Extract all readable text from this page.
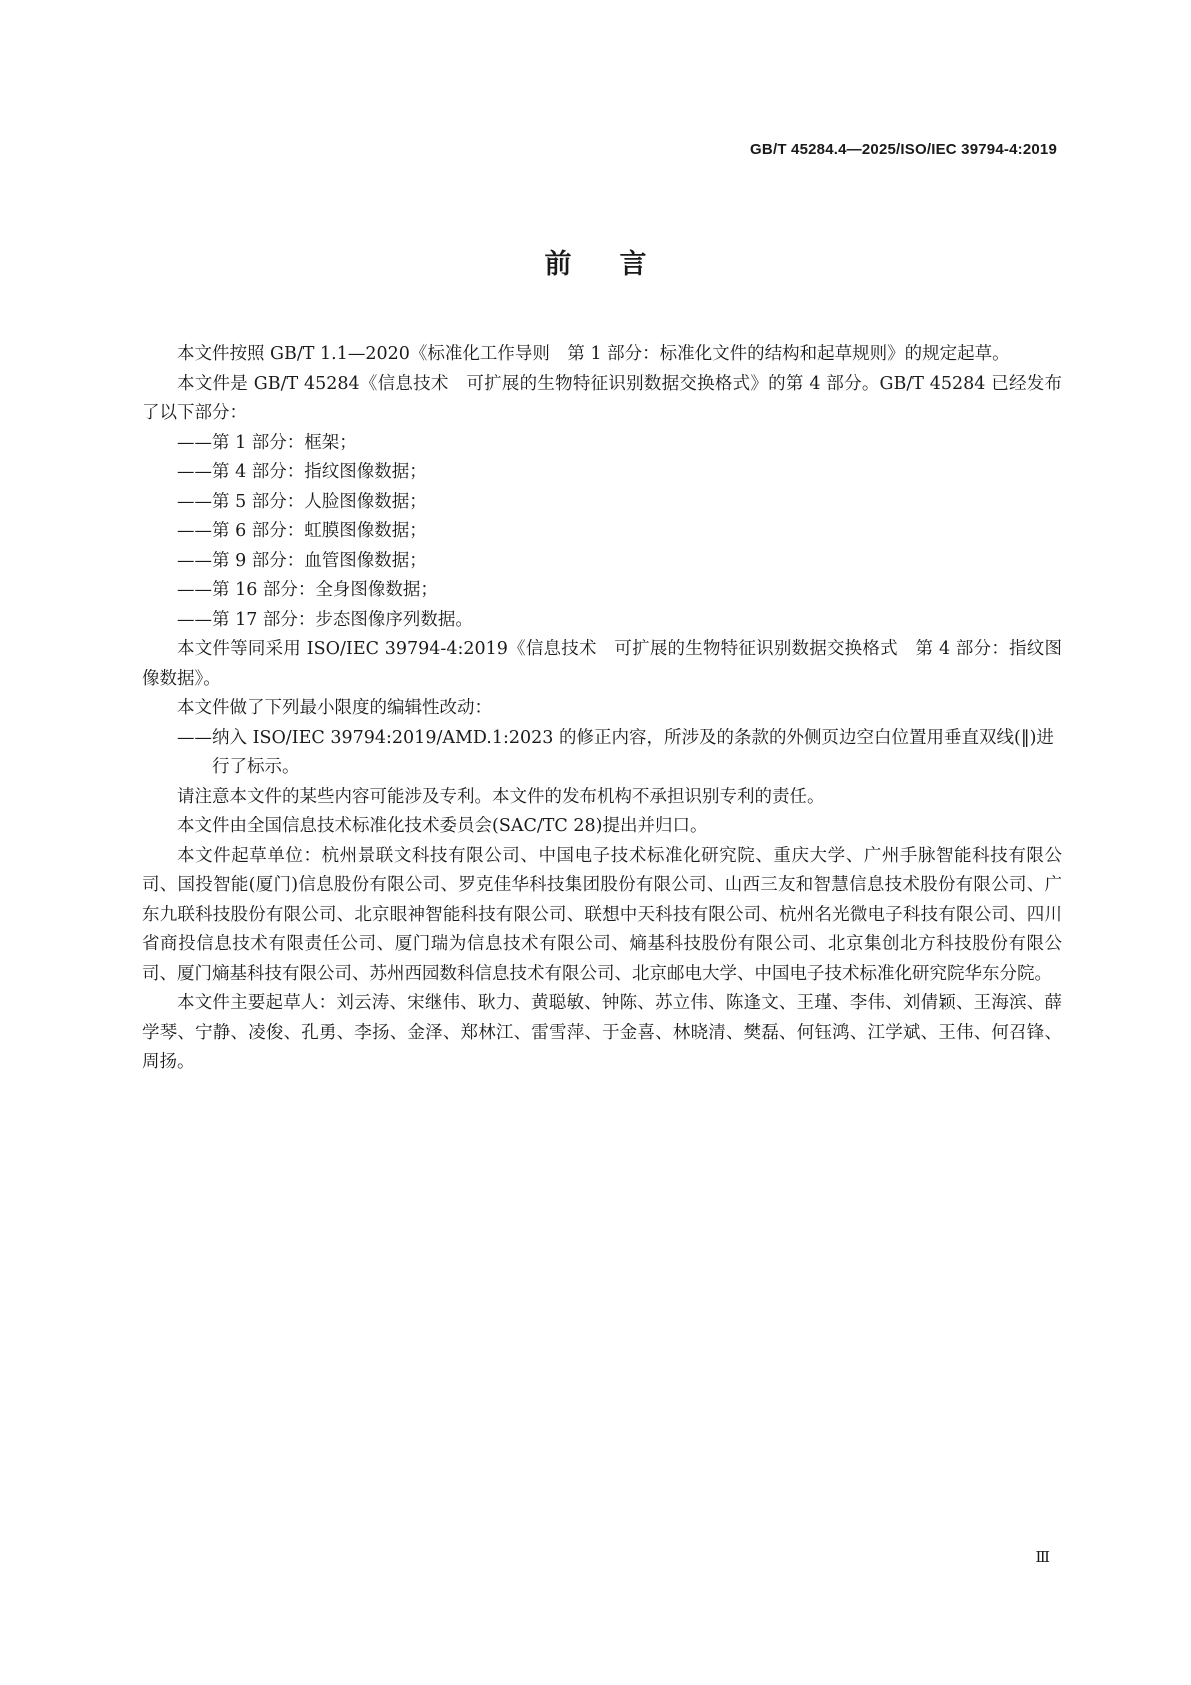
GB/T 45284.4—2025/ISO/IEC 39794-4:2019
前言

本文件按照 GB/T 1.1—2020《标准化工作导则　第 1 部分：标准化文件的结构和起草规则》的规定起草。

本文件是 GB/T 45284《信息技术　可扩展的生物特征识别数据交换格式》的第 4 部分。GB/T 45284 已经发布了以下部分：

——第 1 部分：框架；

——第 4 部分：指纹图像数据；

——第 5 部分：人脸图像数据；

——第 6 部分：虹膜图像数据；

——第 9 部分：血管图像数据；

——第 16 部分：全身图像数据；

——第 17 部分：步态图像序列数据。

本文件等同采用 ISO/IEC 39794-4:2019《信息技术　可扩展的生物特征识别数据交换格式　第 4 部分：指纹图像数据》。

本文件做了下列最小限度的编辑性改动：

——纳入 ISO/IEC 39794:2019/AMD.1:2023 的修正内容，所涉及的条款的外侧页边空白位置用垂直双线(‖)进行了标示。

请注意本文件的某些内容可能涉及专利。本文件的发布机构不承担识别专利的责任。

本文件由全国信息技术标准化技术委员会(SAC/TC 28)提出并归口。

本文件起草单位：杭州景联文科技有限公司、中国电子技术标准化研究院、重庆大学、广州手脉智能科技有限公司、国投智能(厦门)信息股份有限公司、罗克佳华科技集团股份有限公司、山西三友和智慧信息技术股份有限公司、广东九联科技股份有限公司、北京眼神智能科技有限公司、联想中天科技有限公司、杭州名光微电子科技有限公司、四川省商投信息技术有限责任公司、厦门瑞为信息技术有限公司、熵基科技股份有限公司、北京集创北方科技股份有限公司、厦门熵基科技有限公司、苏州西园数科信息技术有限公司、北京邮电大学、中国电子技术标准化研究院华东分院。

本文件主要起草人：刘云涛、宋继伟、耿力、黄聪敏、钟陈、苏立伟、陈逢文、王瑾、李伟、刘倩颖、王海滨、薛学琴、宁静、凌俊、孔勇、李扬、金泽、郑林江、雷雪萍、于金喜、林晓清、樊磊、何钰鸿、江学斌、王伟、何召锋、周扬。

Ⅲ
